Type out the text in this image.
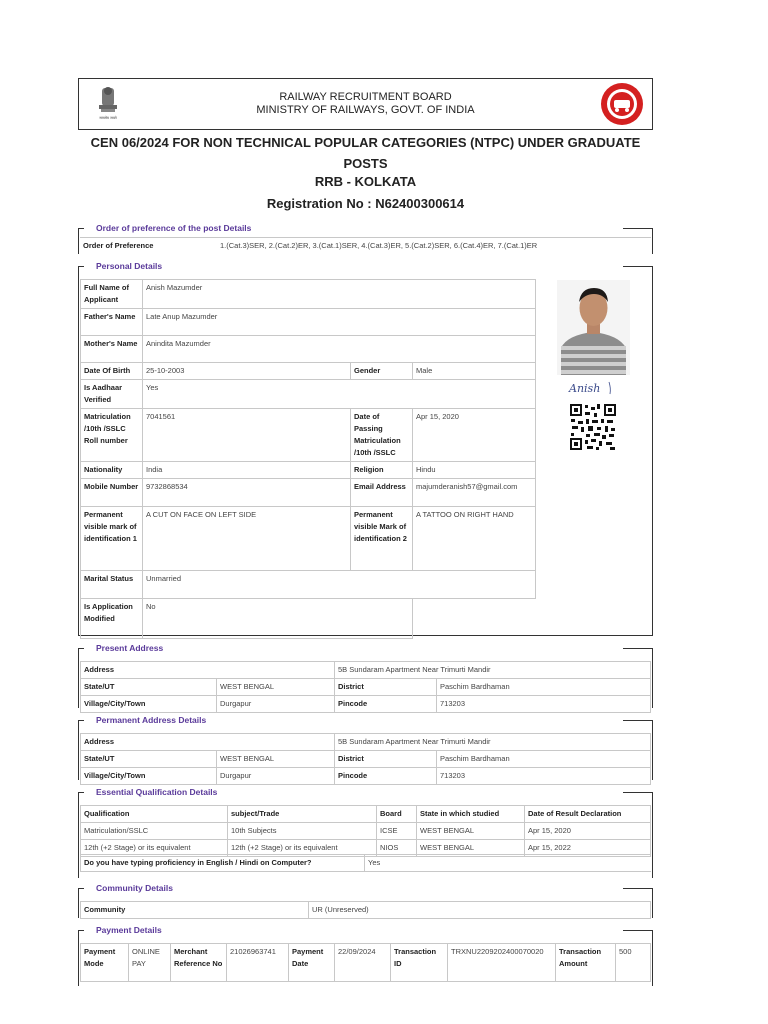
सत्यमेव जयते
RAILWAY RECRUITMENT BOARD
MINISTRY OF RAILWAYS, GOVT. OF INDIA
CEN 06/2024 FOR NON TECHNICAL POPULAR CATEGORIES (NTPC) UNDER GRADUATE POSTS
RRB - KOLKATA
Registration No : N62400300614
Order of preference of the post Details
Order of Preference	1.(Cat.3)SER, 2.(Cat.2)ER, 3.(Cat.1)SER, 4.(Cat.3)ER, 5.(Cat.2)SER, 6.(Cat.4)ER, 7.(Cat.1)ER
Personal Details
Full Name of Applicant	Anish Mazumder		
Father's Name	Late Anup Mazumder		
Mother's Name	Anindita Mazumder		
Date Of Birth	25-10-2003	Gender	Male
Is Aadhaar Verified	Yes		
Matriculation /10th /SSLC Roll number	7041561	Date of Passing Matriculation /10th /SSLC	Apr 15, 2020
Nationality	India	Religion	Hindu
Mobile Number	9732868534	Email Address	majumderanish57@gmail.com
Permanent visible mark of identification 1	A CUT ON FACE ON LEFT SIDE	Permanent visible Mark of identification 2	A TATTOO ON RIGHT HAND
Marital Status	Unmarried		
Is Application Modified	No		
Anish
Present Address
Address		5B Sundaram Apartment Near Trimurti Mandir	
State/UT	WEST BENGAL	District	Paschim Bardhaman
Village/City/Town	Durgapur	Pincode	713203
Permanent Address Details
Address		5B Sundaram Apartment Near Trimurti Mandir	
State/UT	WEST BENGAL	District	Paschim Bardhaman
Village/City/Town	Durgapur	Pincode	713203
Essential Qualification Details
Qualification	subject/Trade	Board	State in which studied	Date of Result Declaration
Matriculation/SSLC	10th Subjects	ICSE	WEST BENGAL	Apr 15, 2020
12th (+2 Stage) or its equivalent	12th (+2 Stage) or its equivalent	NIOS	WEST BENGAL	Apr 15, 2022
Do you have typing proficiency in English / Hindi on Computer?	Yes
Community Details
Community	UR (Unreserved)
Payment Details
Payment Mode	ONLINE PAY	Merchant Reference No	21026963741	Payment Date	22/09/2024	Transaction ID	TRXNU2209202400070020	Transaction Amount	500
